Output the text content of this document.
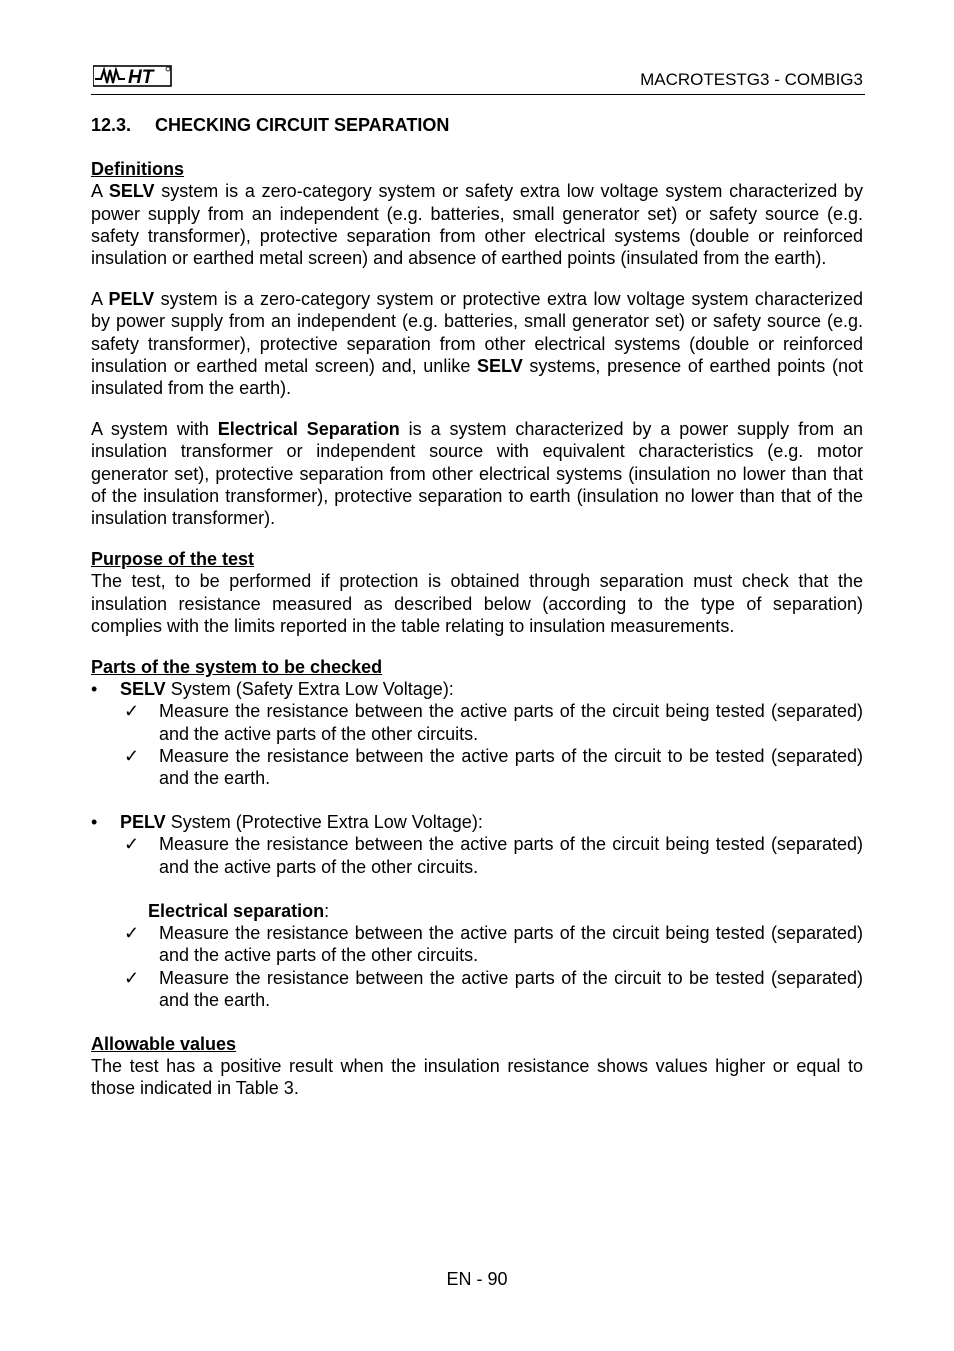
HT	MACROTESTG3 - COMBIG3
12.3. CHECKING CIRCUIT SEPARATION
Definitions

A SELV system is a zero-category system or safety extra low voltage system characterized by power supply from an independent (e.g. batteries, small generator set) or safety source (e.g. safety transformer), protective separation from other electrical systems (double or reinforced insulation or earthed metal screen) and absence of earthed points (insulated from the earth).

A PELV system is a zero-category system or protective extra low voltage system characterized by power supply from an independent (e.g. batteries, small generator set) or safety source (e.g. safety transformer), protective separation from other electrical systems (double or reinforced insulation or earthed metal screen) and, unlike SELV systems, presence of earthed points (not insulated from the earth).

A system with Electrical Separation is a system characterized by a power supply from an insulation transformer or independent source with equivalent characteristics (e.g. motor generator set), protective separation from other electrical systems (insulation no lower than that of the insulation transformer), protective separation to earth (insulation no lower than that of the insulation transformer).

Purpose of the test

The test, to be performed if protection is obtained through separation must check that the insulation resistance measured as described below (according to the type of separation) complies with the limits reported in the table relating to insulation measurements.

Parts of the system to be checked
• SELV System (Safety Extra Low Voltage):
✓ Measure the resistance between the active parts of the circuit being tested (separated) and the active parts of the other circuits.
✓ Measure the resistance between the active parts of the circuit to be tested (separated) and the earth.
• PELV System (Protective Extra Low Voltage):
✓ Measure the resistance between the active parts of the circuit being tested (separated) and the active parts of the other circuits.
Electrical separation:
✓ Measure the resistance between the active parts of the circuit being tested (separated) and the active parts of the other circuits.
✓ Measure the resistance between the active parts of the circuit to be tested (separated) and the earth.
Allowable values

The test has a positive result when the insulation resistance shows values higher or equal to those indicated in Table 3.

EN - 90
